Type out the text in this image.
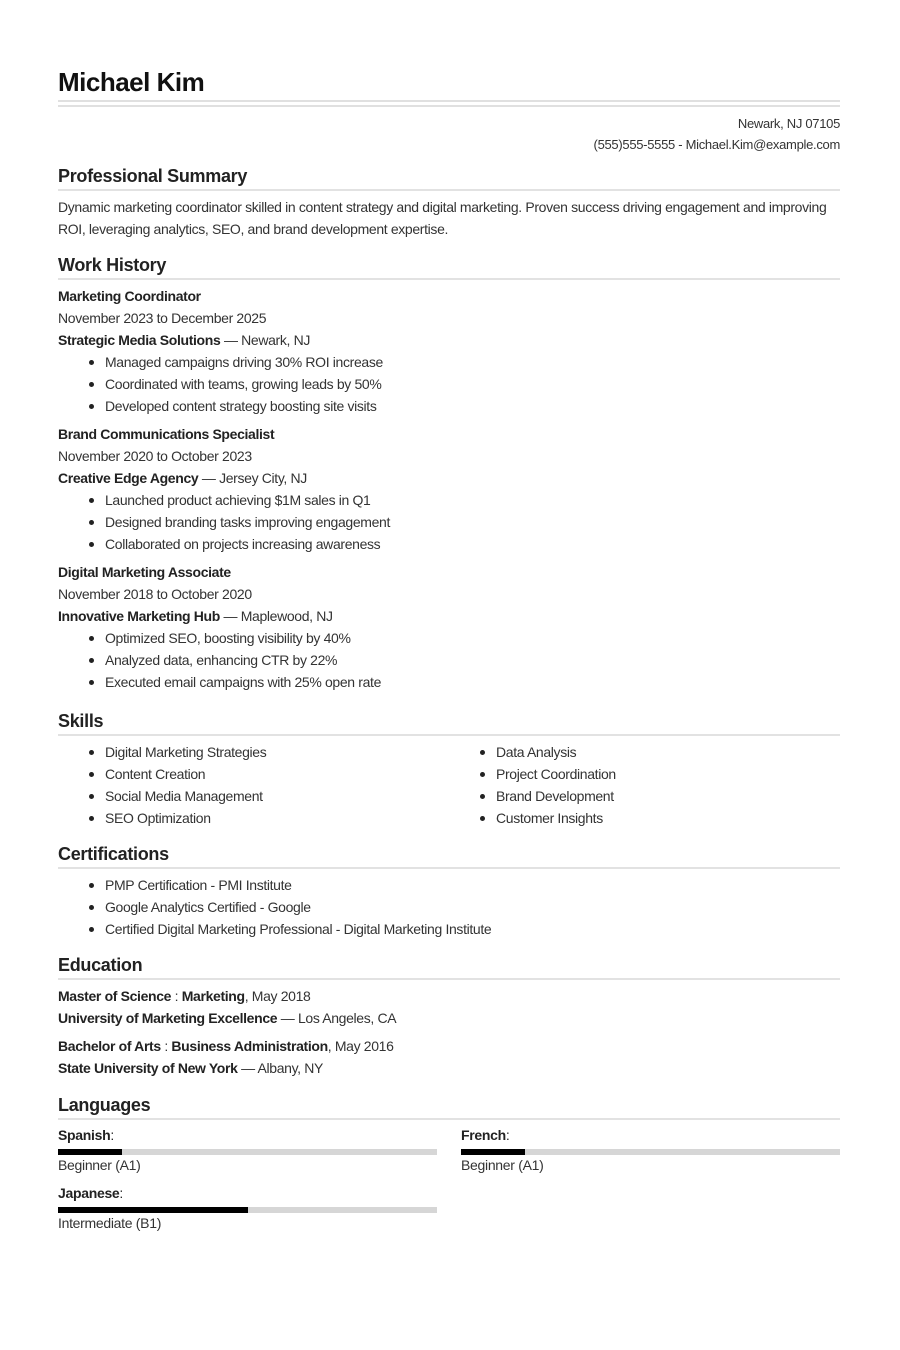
Michael Kim
Newark, NJ 07105
(555)555-5555 - Michael.Kim@example.com
Professional Summary
Dynamic marketing coordinator skilled in content strategy and digital marketing. Proven success driving engagement and improving ROI, leveraging analytics, SEO, and brand development expertise.
Work History
Marketing Coordinator
November 2023 to December 2025
Strategic Media Solutions — Newark, NJ
Managed campaigns driving 30% ROI increase
Coordinated with teams, growing leads by 50%
Developed content strategy boosting site visits
Brand Communications Specialist
November 2020 to October 2023
Creative Edge Agency — Jersey City, NJ
Launched product achieving $1M sales in Q1
Designed branding tasks improving engagement
Collaborated on projects increasing awareness
Digital Marketing Associate
November 2018 to October 2020
Innovative Marketing Hub — Maplewood, NJ
Optimized SEO, boosting visibility by 40%
Analyzed data, enhancing CTR by 22%
Executed email campaigns with 25% open rate
Skills
Digital Marketing Strategies
Content Creation
Social Media Management
SEO Optimization
Data Analysis
Project Coordination
Brand Development
Customer Insights
Certifications
PMP Certification - PMI Institute
Google Analytics Certified - Google
Certified Digital Marketing Professional - Digital Marketing Institute
Education
Master of Science : Marketing, May 2018
University of Marketing Excellence — Los Angeles, CA
Bachelor of Arts : Business Administration, May 2016
State University of New York — Albany, NY
Languages
Spanish:
Beginner (A1)
French:
Beginner (A1)
Japanese:
Intermediate (B1)
